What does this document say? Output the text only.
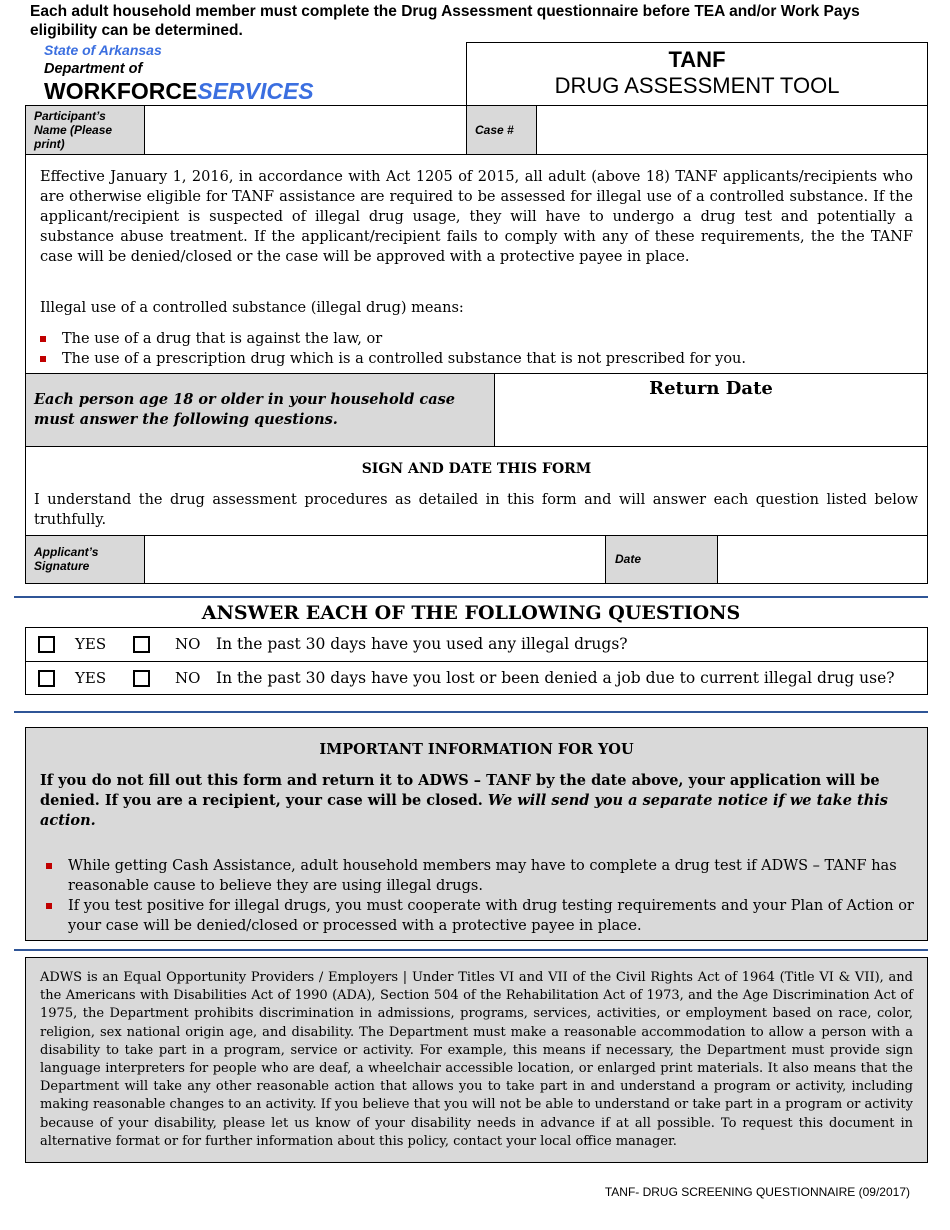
Each adult household member must complete the Drug Assessment questionnaire before TEA and/or Work Pays eligibility can be determined.
State of Arkansas
Department of
WORKFORCESERVICES
TANF
DRUG ASSESSMENT TOOL
Participant’s Name (Please print)
Case #
Effective January 1, 2016, in accordance with Act 1205 of 2015, all adult (above 18) TANF applicants/recipients who are otherwise eligible for TANF assistance are required to be assessed for illegal use of a controlled substance. If the applicant/recipient is suspected of illegal drug usage, they will have to undergo a drug test and potentially a substance abuse treatment. If the applicant/recipient fails to comply with any of these requirements, the the TANF case will be denied/closed or the case will be approved with a protective payee in place.
Illegal use of a controlled substance (illegal drug) means:
The use of a drug that is against the law, or
The use of a prescription drug which is a controlled substance that is not prescribed for you.
Each person age 18 or older in your household case must answer the following questions.
Return Date
SIGN AND DATE THIS FORM
I understand the drug assessment procedures as detailed in this form and will answer each question listed below truthfully.
Applicant’s Signature	Date
ANSWER EACH OF THE FOLLOWING QUESTIONS
YES	NO In the past 30 days have you used any illegal drugs?
YES	NO In the past 30 days have you lost or been denied a job due to current illegal drug use?
IMPORTANT INFORMATION FOR YOU
If you do not fill out this form and return it to ADWS – TANF by the date above, your application will be denied. If you are a recipient, your case will be closed. We will send you a separate notice if we take this action.
While getting Cash Assistance, adult household members may have to complete a drug test if ADWS – TANF has reasonable cause to believe they are using illegal drugs.
If you test positive for illegal drugs, you must cooperate with drug testing requirements and your Plan of Action or your case will be denied/closed or processed with a protective payee in place.
ADWS is an Equal Opportunity Providers / Employers | Under Titles VI and VII of the Civil Rights Act of 1964 (Title VI & VII), and the Americans with Disabilities Act of 1990 (ADA), Section 504 of the Rehabilitation Act of 1973, and the Age Discrimination Act of 1975, the Department prohibits discrimination in admissions, programs, services, activities, or employment based on race, color, religion, sex national origin age, and disability. The Department must make a reasonable accommodation to allow a person with a disability to take part in a program, service or activity. For example, this means if necessary, the Department must provide sign language interpreters for people who are deaf, a wheelchair accessible location, or enlarged print materials. It also means that the Department will take any other reasonable action that allows you to take part in and understand a program or activity, including making reasonable changes to an activity. If you believe that you will not be able to understand or take part in a program or activity because of your disability, please let us know of your disability needs in advance if at all possible. To request this document in alternative format or for further information about this policy, contact your local office manager.
TANF- DRUG SCREENING QUESTIONNAIRE (09/2017)
